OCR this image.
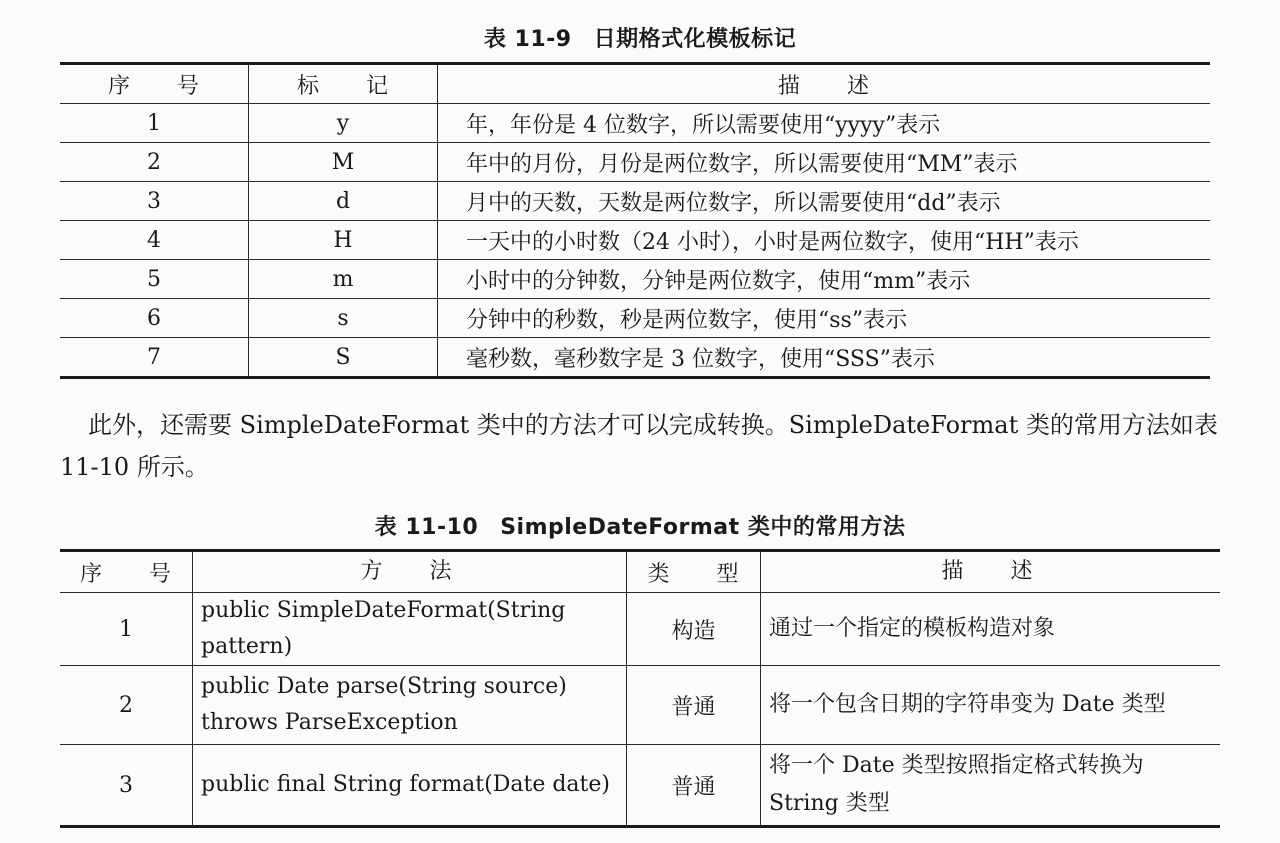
表 11-9 日期格式化模板标记
序　　号	标　　记	描　　述
1	y	年，年份是 4 位数字，所以需要使用“yyyy”表示
2	M	年中的月份，月份是两位数字，所以需要使用“MM”表示
3	d	月中的天数，天数是两位数字，所以需要使用“dd”表示
4	H	一天中的小时数（24 小时），小时是两位数字，使用“HH”表示
5	m	小时中的分钟数，分钟是两位数字，使用“mm”表示
6	s	分钟中的秒数，秒是两位数字，使用“ss”表示
7	S	毫秒数，毫秒数字是 3 位数字，使用“SSS”表示

此外，还需要 SimpleDateFormat 类中的方法才可以完成转换。SimpleDateFormat 类的常用方法如表 11-10 所示。

表 11-10 SimpleDateFormat 类中的常用方法
序　　号	方　　法	类　　型	描　　述
1	public SimpleDateFormat(String pattern)	构造	通过一个指定的模板构造对象
2	public Date parse(String source) throws ParseException	普通	将一个包含日期的字符串变为 Date 类型
3	public final String format(Date date)	普通	将一个 Date 类型按照指定格式转换为 String 类型
